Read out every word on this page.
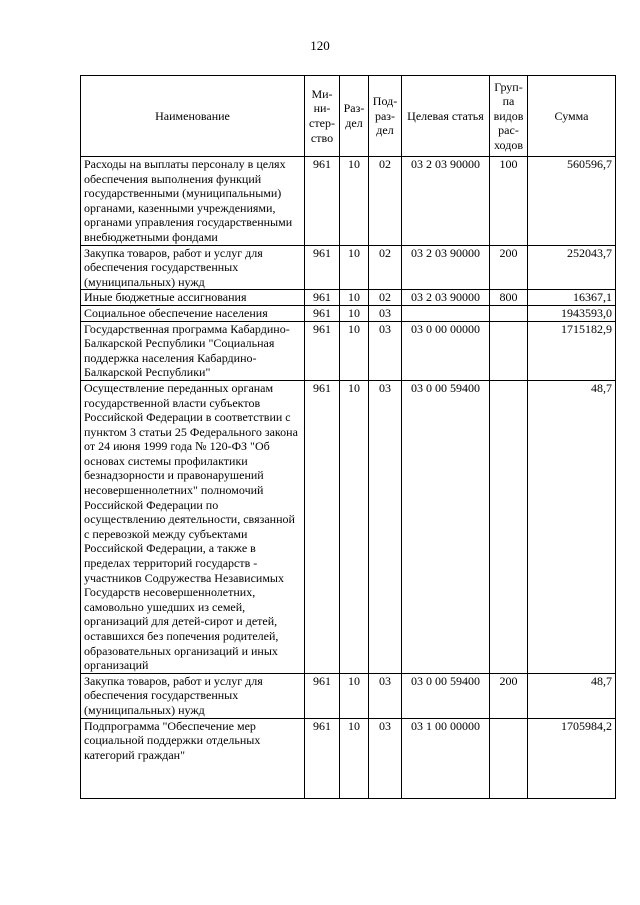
120
Наименование	Ми-ни-стер-ство	Раз-дел	Под-раз-дел	Целевая статья	Груп-па видов рас-ходов	Сумма
Расходы на выплаты персоналу в целях обеспечения выполнения функций государственными (муниципальными) органами, казенными учреждениями, органами управления государственными внебюджетными фондами	961	10	02	03 2 03 90000	100	560596,7
Закупка товаров, работ и услуг для обеспечения государственных (муниципальных) нужд	961	10	02	03 2 03 90000	200	252043,7
Иные бюджетные ассигнования	961	10	02	03 2 03 90000	800	16367,1
Социальное обеспечение населения	961	10	03			1943593,0
Государственная программа Кабардино-Балкарской Республики "Социальная поддержка населения Кабардино-Балкарской Республики"	961	10	03	03 0 00 00000		1715182,9
Осуществление переданных органам государственной власти субъектов Российской Федерации в соответствии с пунктом 3 статьи 25 Федерального закона от 24 июня 1999 года № 120-ФЗ "Об основах системы профилактики безнадзорности и правонарушений несовершеннолетних" полномочий Российской Федерации по осуществлению деятельности, связанной с перевозкой между субъектами Российской Федерации, а также в пределах территорий государств - участников Содружества Независимых Государств несовершеннолетних, самовольно ушедших из семей, организаций для детей-сирот и детей, оставшихся без попечения родителей, образовательных организаций и иных организаций	961	10	03	03 0 00 59400		48,7
Закупка товаров, работ и услуг для обеспечения государственных (муниципальных) нужд	961	10	03	03 0 00 59400	200	48,7
Подпрограмма "Обеспечение мер социальной поддержки отдельных категорий граждан"	961	10	03	03 1 00 00000		1705984,2
